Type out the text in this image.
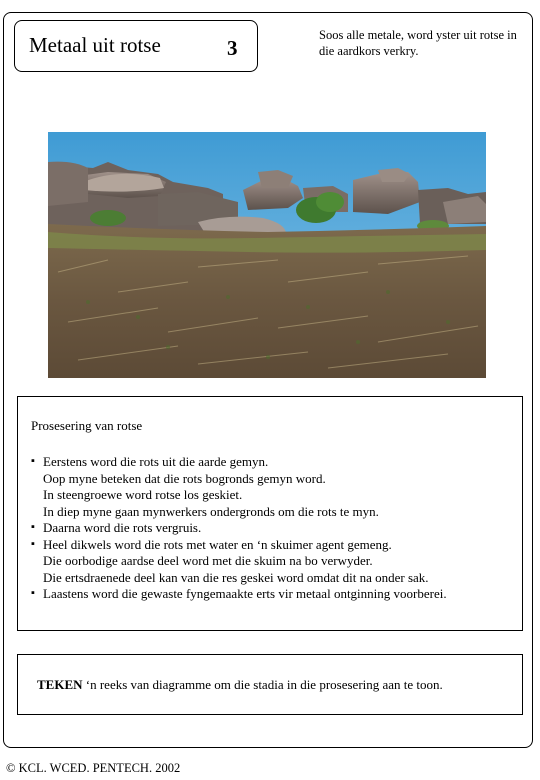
Metaal uit rotse	3
Soos alle metale, word yster uit rotse in die aardkors verkry.
Prosesering van rotse
▪ Eerstens word die rots uit die aarde gemyn.
Oop myne beteken dat die rots bogronds gemyn word.
In steengroewe word rotse los geskiet.
In diep myne gaan mynwerkers ondergronds om die rots te myn.
▪ Daarna word die rots vergruis.
▪ Heel dikwels word die rots met water en ‘n skuimer agent gemeng.
Die oorbodige aardse deel word met die skuim na bo verwyder.
Die ertsdraenede deel kan van die res geskei word omdat dit na onder sak.
▪ Laastens word die gewaste fyngemaakte erts vir metaal ontginning voorberei.
TEKEN ‘n reeks van diagramme om die stadia in die prosesering aan te toon.
© KCL. WCED. PENTECH. 2002
